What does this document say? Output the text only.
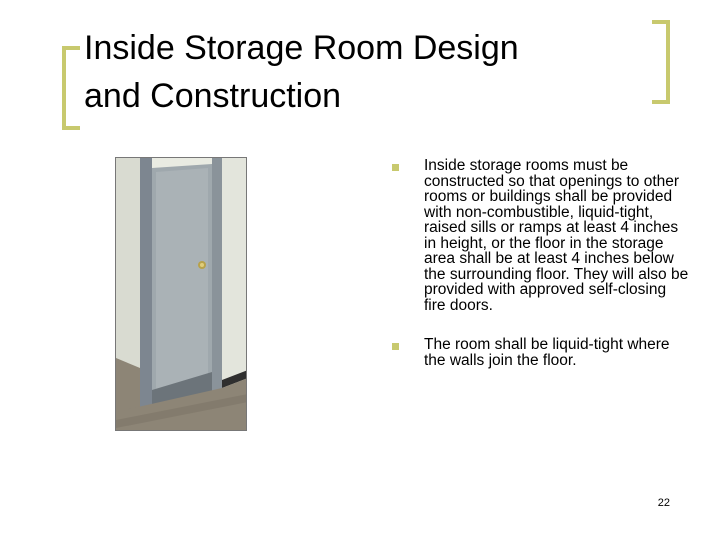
Inside Storage Room Design
and Construction
Inside storage rooms must be constructed so that openings to other rooms or buildings shall be provided with non-combustible, liquid-tight, raised sills or ramps at least 4 inches in height, or the floor in the storage area shall be at least 4 inches below the surrounding floor. They will also be provided with approved self-closing fire doors.
The room shall be liquid-tight where the walls join the floor.
22
